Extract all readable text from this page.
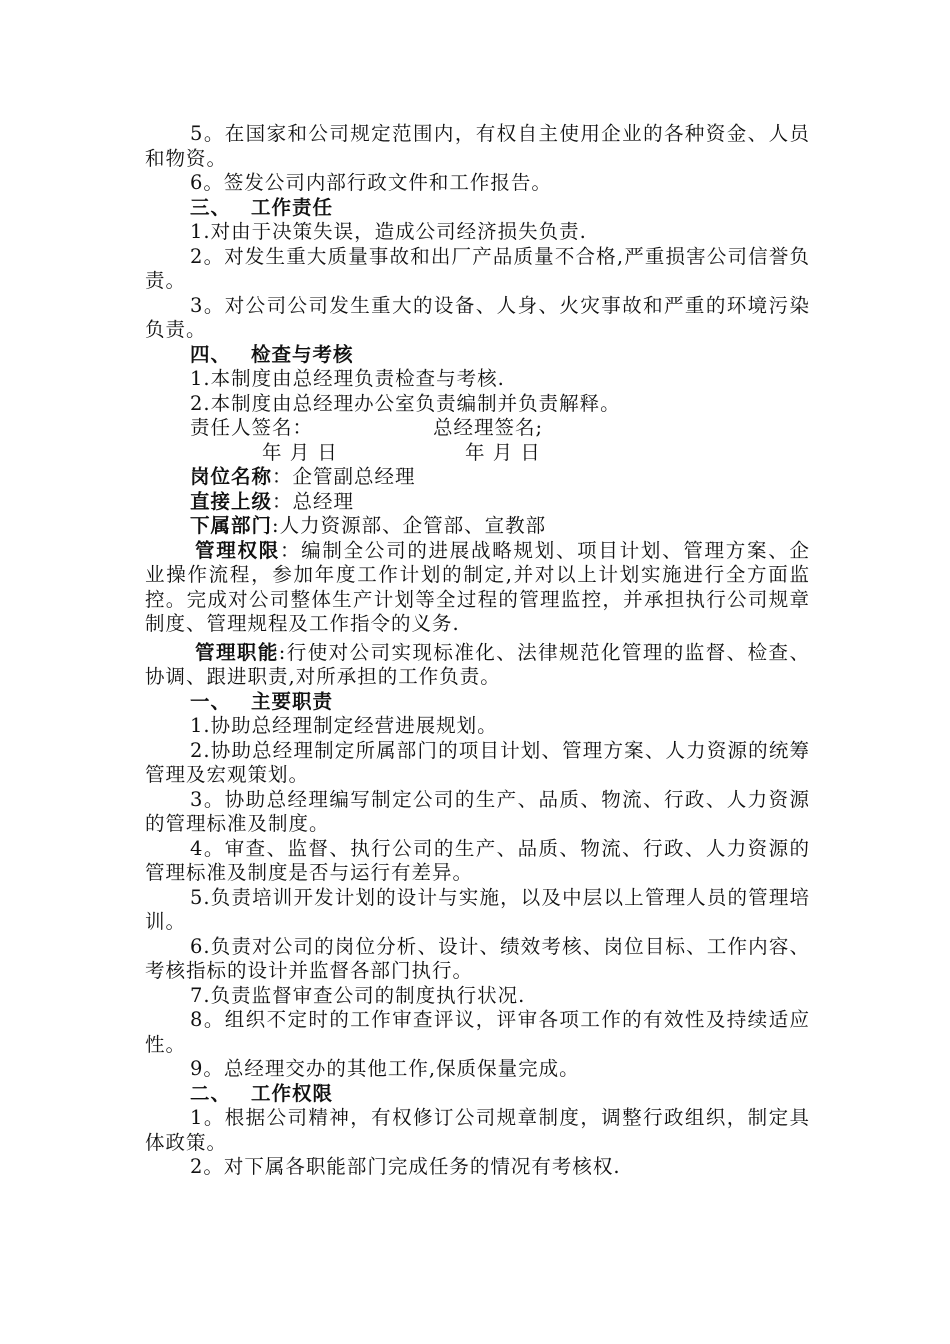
5。在国家和公司规定范围内，有权自主使用企业的各种资金、人员和物资。

6。签发公司内部行政文件和工作报告。

三、 工作责任

1.对由于决策失误，造成公司经济损失负责.

2。对发生重大质量事故和出厂产品质量不合格,严重损害公司信誉负责。

3。对公司公司发生重大的设备、人身、火灾事故和严重的环境污染负责。

四、 检查与考核

1.本制度由总经理负责检查与考核.

2.本制度由总经理办公室负责编制并负责解释。

责任人签名：	总经理签名;
年 月 日	年 月 日

岗位名称：企管副总经理

直接上级：总经理

下属部门:人力资源部、企管部、宣教部

管理权限：编制全公司的进展战略规划、项目计划、管理方案、企业操作流程，参加年度工作计划的制定,并对以上计划实施进行全方面监控。完成对公司整体生产计划等全过程的管理监控，并承担执行公司规章制度、管理规程及工作指令的义务.

管理职能:行使对公司实现标准化、法律规范化管理的监督、检查、协调、跟进职责,对所承担的工作负责。

一、 主要职责

1.协助总经理制定经营进展规划。

2.协助总经理制定所属部门的项目计划、管理方案、人力资源的统筹管理及宏观策划。

3。协助总经理编写制定公司的生产、品质、物流、行政、人力资源的管理标准及制度。

4。审查、监督、执行公司的生产、品质、物流、行政、人力资源的管理标准及制度是否与运行有差异。

5.负责培训开发计划的设计与实施，以及中层以上管理人员的管理培训。

6.负责对公司的岗位分析、设计、绩效考核、岗位目标、工作内容、考核指标的设计并监督各部门执行。

7.负责监督审查公司的制度执行状况.

8。组织不定时的工作审查评议，评审各项工作的有效性及持续适应性。

9。总经理交办的其他工作,保质保量完成。

二、 工作权限

1。根据公司精神，有权修订公司规章制度，调整行政组织，制定具体政策。

2。对下属各职能部门完成任务的情况有考核权.
